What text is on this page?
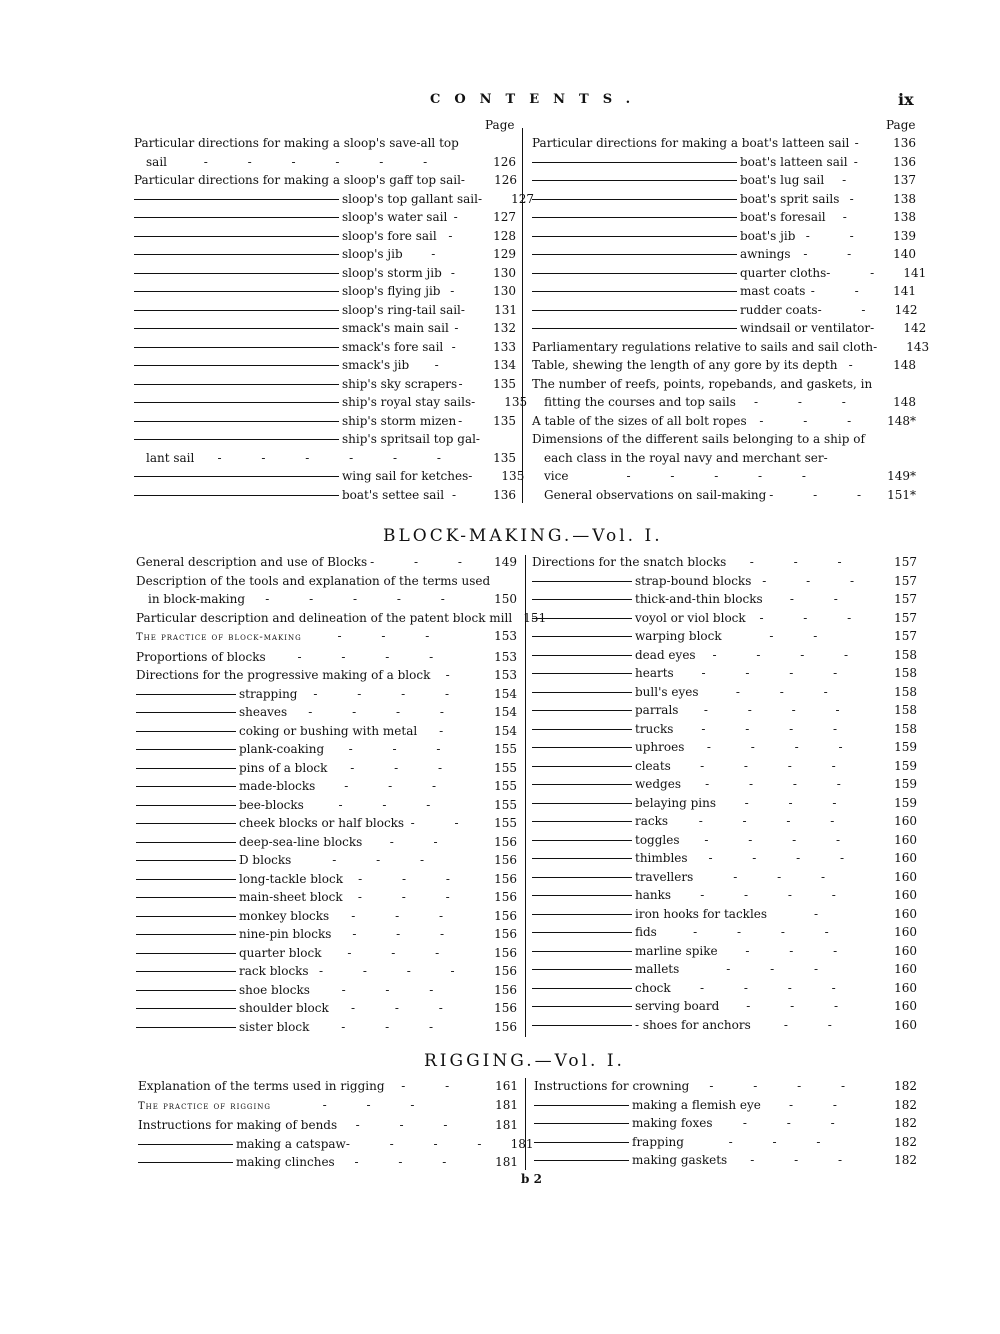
CONTENTS.	ix
Page	Page
Particular directions for making a sloop's save-all top
sail	- - - - - -	126
Particular directions for making a sloop's gaff top sail - 126
sloop's top gallant sail - 127
sloop's water sail -	127
sloop's fore sail -	128
sloop's jib	-	129
sloop's storm jib -	130
sloop's flying jib -	130
sloop's ring-tail sail - 131
smack's main sail -	132
smack's fore sail -	133
smack's jib	-	134
ship's sky scrapers -	135
ship's royal stay sails - 135
ship's storm mizen -	135
ship's spritsail top gal-
lant sail	- - - - - -	135
wing sail for ketches - 135
boat's settee sail -	136
Particular directions for making a boat's latteen sail -	136
boat's latteen sail -	136
boat's lug sail	-	137
boat's sprit sails -	138
boat's foresail	-	138
boat's jib - -	139
awnings	- -	140
quarter cloths - - 141
mast coats - -	141
rudder coats - - 142
windsail or ventilator - 142
Parliamentary regulations relative to sails and sail cloth - 143
Table, shewing the length of any gore by its depth -	148
The number of reefs, points, ropebands, and gaskets, in
fitting the courses and top sails	- - -	148
A table of the sizes of all bolt ropes	- - -	148*
Dimensions of the different sails belonging to a ship of
each class in the royal navy and merchant ser-
vice	- - - - -	149*
General observations on sail-making - - - 151*
BLOCK-MAKING.—Vol. I.
General description and use of Blocks - - -	149
Description of the tools and explanation of the terms used
in block-making	- - - - -	150
Particular description and delineation of the patent block mill 151
The practice of block-making	- - -	153
Proportions of blocks	- - - -	153
Directions for the progressive making of a block	-	153
strapping	- - - -	154
sheaves	- - - -	154
coking or bushing with metal	-	154
plank-coaking	- - -	155
pins of a block	- - -	155
made-blocks	- - -	155
bee-blocks	- - -	155
cheek blocks or half blocks - -	155
deep-sea-line blocks	- -	156
D blocks	- - -	156
long-tackle block	- - -	156
main-sheet block	- - -	156
monkey blocks	- - -	156
nine-pin blocks	- - -	156
quarter block	- - -	156
rack blocks - - - -	156
shoe blocks	- - -	156
shoulder block	- - -	156
sister block	- - -	156
Directions for the snatch blocks	- - -	157
strap-bound blocks - - -	157
thick-and-thin blocks	- -	157
voyol or viol block	- - -	157
warping block	- -	157
dead eyes	- - - -	158
hearts	- - - -	158
bull's eyes	- - -	158
parrals	- - - -	158
trucks	- - - -	158
uphroes	- - - -	159
cleats	- - - -	159
wedges	- - - -	159
belaying pins	- - -	159
racks	- - - -	160
toggles	- - - -	160
thimbles	- - - -	160
travellers	- - -	160
hanks	- - - -	160
iron hooks for tackles	-	160
fids	- - - -	160
marline spike	- - -	160
mallets	- - -	160
chock	- - - -	160
serving board	- - -	160
- shoes for anchors	- -	160
RIGGING.—Vol. I.
Explanation of the terms used in rigging	- -	161
The practice of rigging	- - -	181
Instructions for making of bends	- - -	181
making a catspaw - - - - 181
making clinches	- - -	181
Instructions for crowning	- - - -	182
making a flemish eye	- -	182
making foxes	- - -	182
frapping	- - -	182
making gaskets	- - -	182
b 2
